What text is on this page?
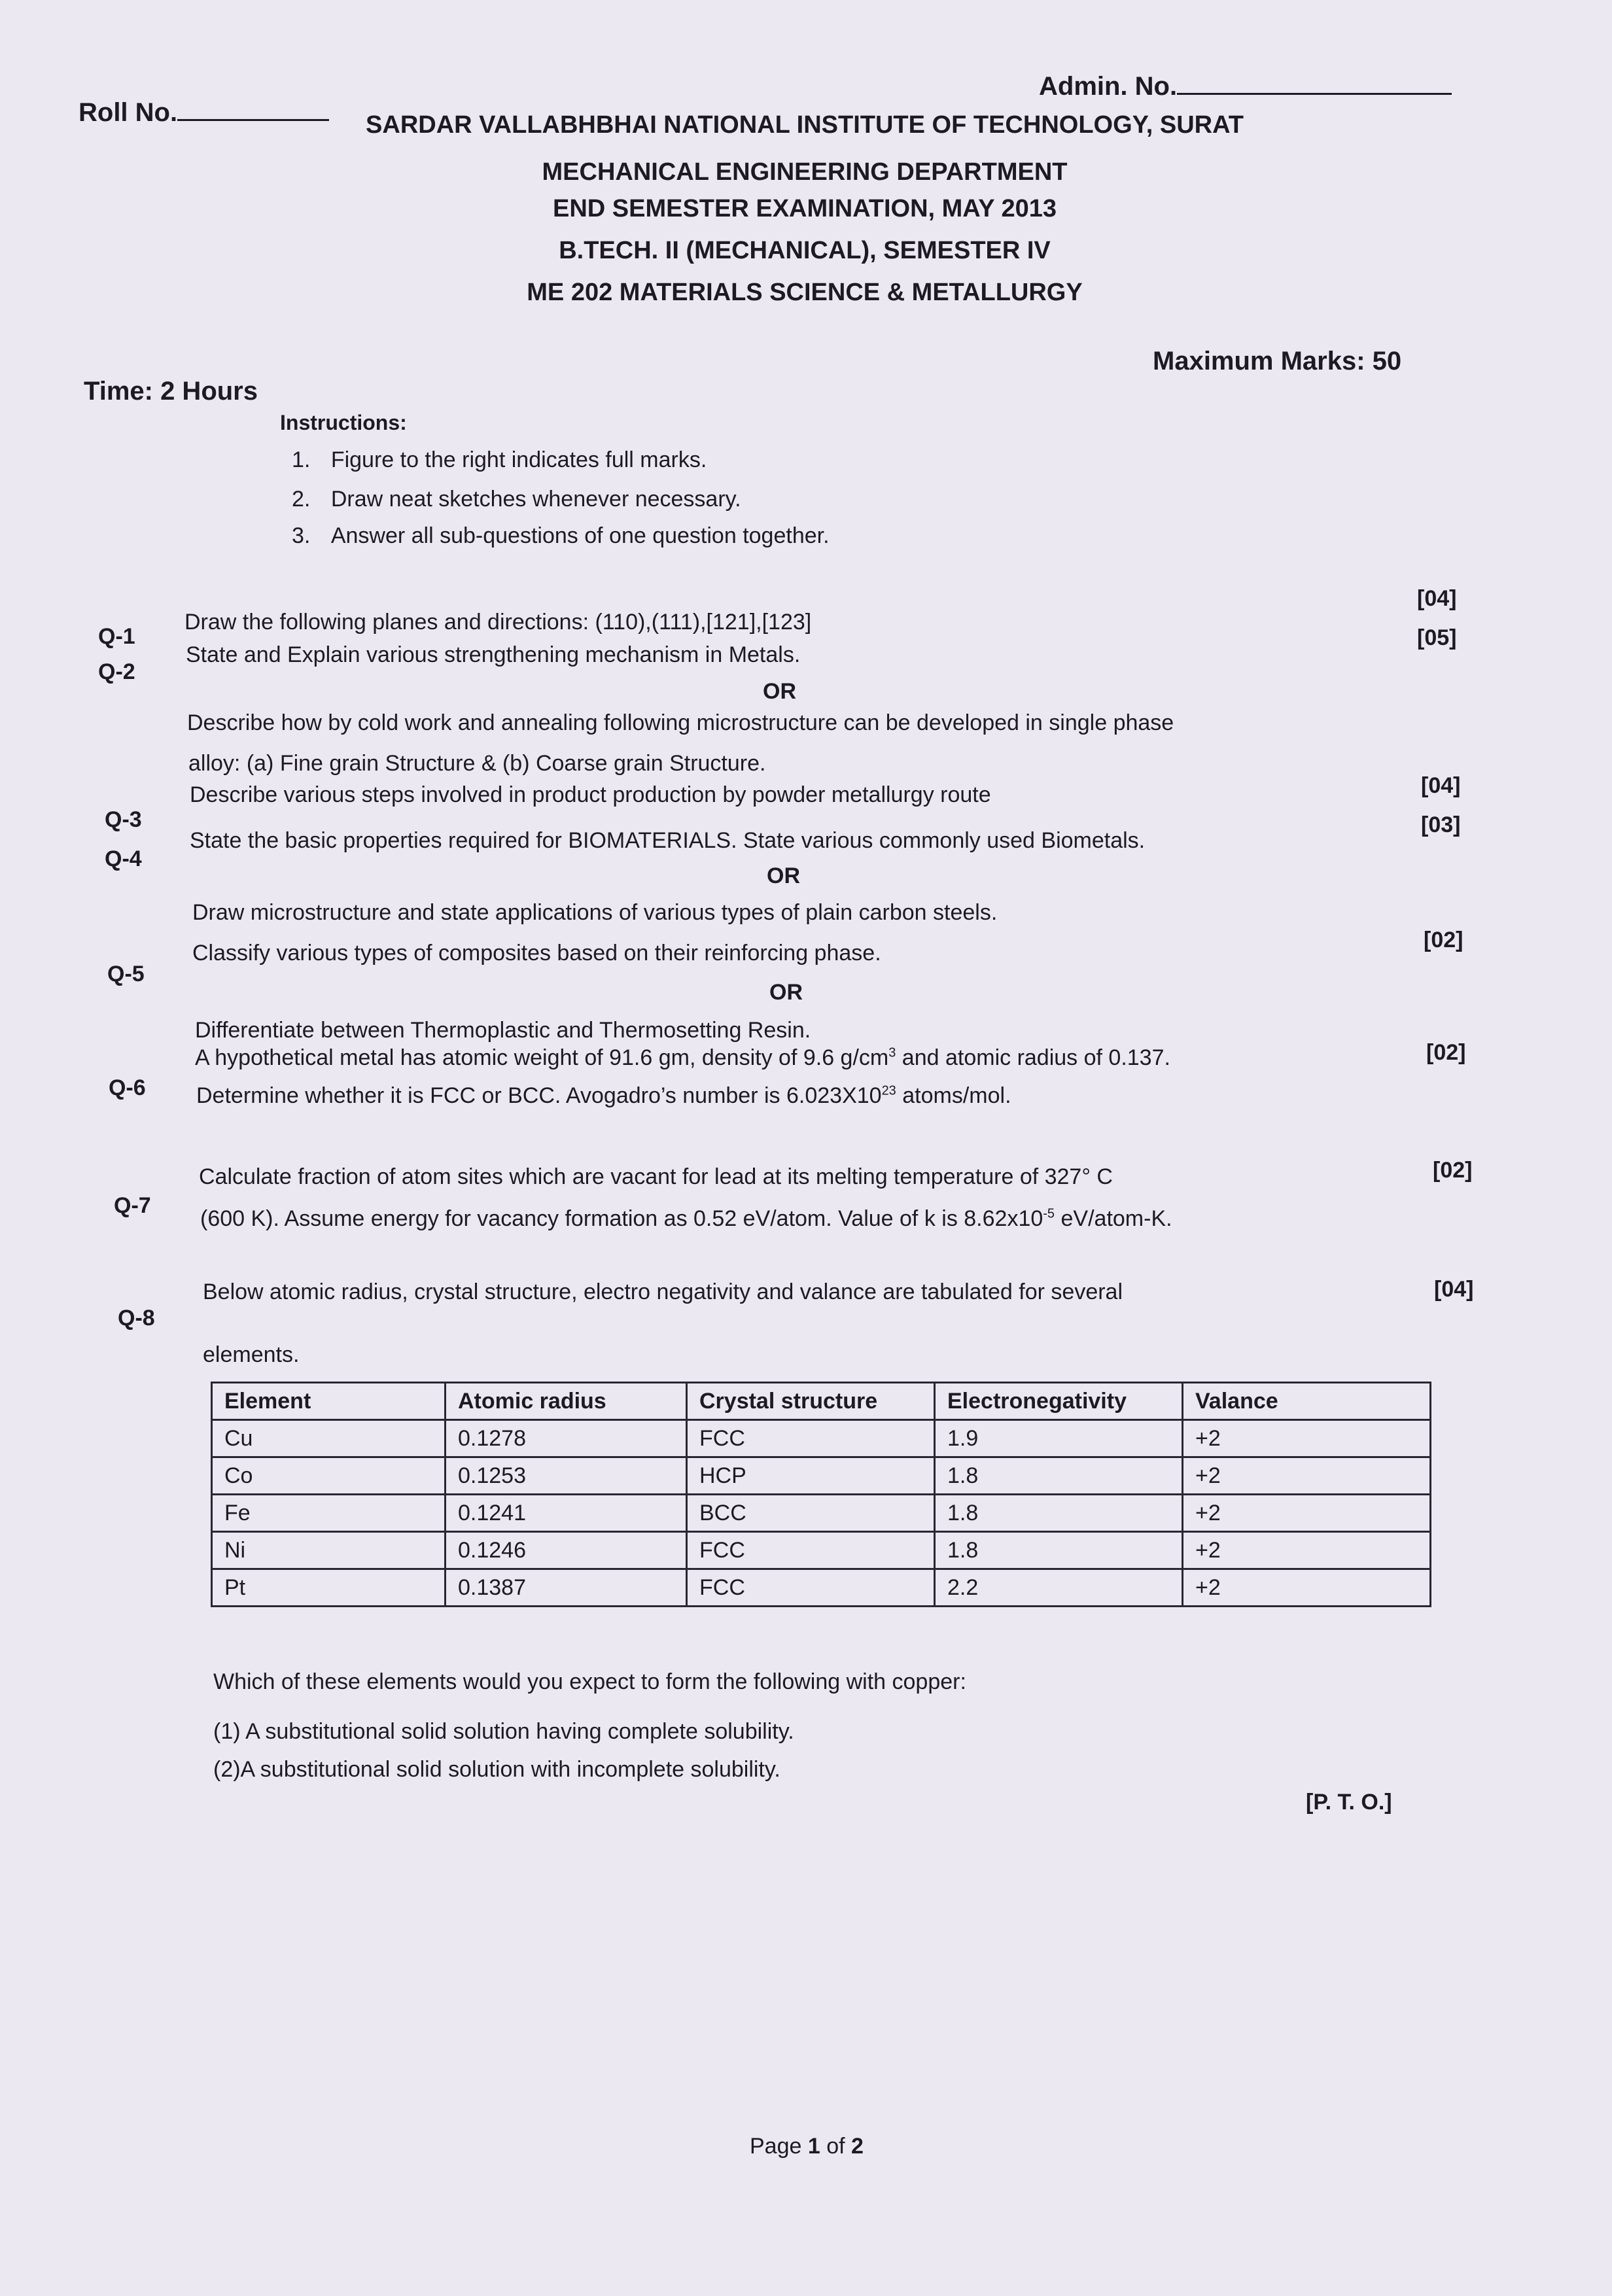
Roll No.
Admin. No.
SARDAR VALLABHBHAI NATIONAL INSTITUTE OF TECHNOLOGY, SURAT
MECHANICAL ENGINEERING DEPARTMENT
END SEMESTER EXAMINATION, MAY 2013
B.TECH. II (MECHANICAL), SEMESTER IV
ME 202 MATERIALS SCIENCE & METALLURGY
Time: 2 Hours
Maximum Marks: 50
Instructions:
1. Figure to the right indicates full marks.
2. Draw neat sketches whenever necessary.
3. Answer all sub-questions of one question together.
Q-1
Draw the following planes and directions: (110),(111),[121],[123]
[04]
Q-2
State and Explain various strengthening mechanism in Metals.
[05]
OR
Describe how by cold work and annealing following microstructure can be developed in single phase
alloy: (a) Fine grain Structure & (b) Coarse grain Structure.
Q-3
Describe various steps involved in product production by powder metallurgy route	[04]
Q-4
State the basic properties required for BIOMATERIALS. State various commonly used Biometals.
[03]
OR
Draw microstructure and state applications of various types of plain carbon steels.
Q-5
Classify various types of composites based on their reinforcing phase.
[02]
OR
Differentiate between Thermoplastic and Thermosetting Resin.
Q-6
A hypothetical metal has atomic weight of 91.6 gm, density of 9.6 $g/cm^3$ and atomic radius of 0.137.
Determine whether it is FCC or BCC. Avogadro’s number is $6.023X10^{23}$ atoms/mol.
[02]
Q-7
Calculate fraction of atom sites which are vacant for lead at its melting temperature of 327° C
(600 K). Assume energy for vacancy formation as 0.52 eV/atom. Value of k is $8.62x10^{-5}$ eV/atom-K.
[02]
Q-8
Below atomic radius, crystal structure, electro negativity and valance are tabulated for several
elements.
[04]
Element	Atomic radius	Crystal structure	Electronegativity	Valance
Cu	0.1278	FCC	1.9	+2
Co	0.1253	HCP	1.8	+2
Fe	0.1241	BCC	1.8	+2
Ni	0.1246	FCC	1.8	+2
Pt	0.1387	FCC	2.2	+2
Which of these elements would you expect to form the following with copper:
(1) A substitutional solid solution having complete solubility.
(2)A substitutional solid solution with incomplete solubility.
[P. T. O.]
Page 1 of 2
